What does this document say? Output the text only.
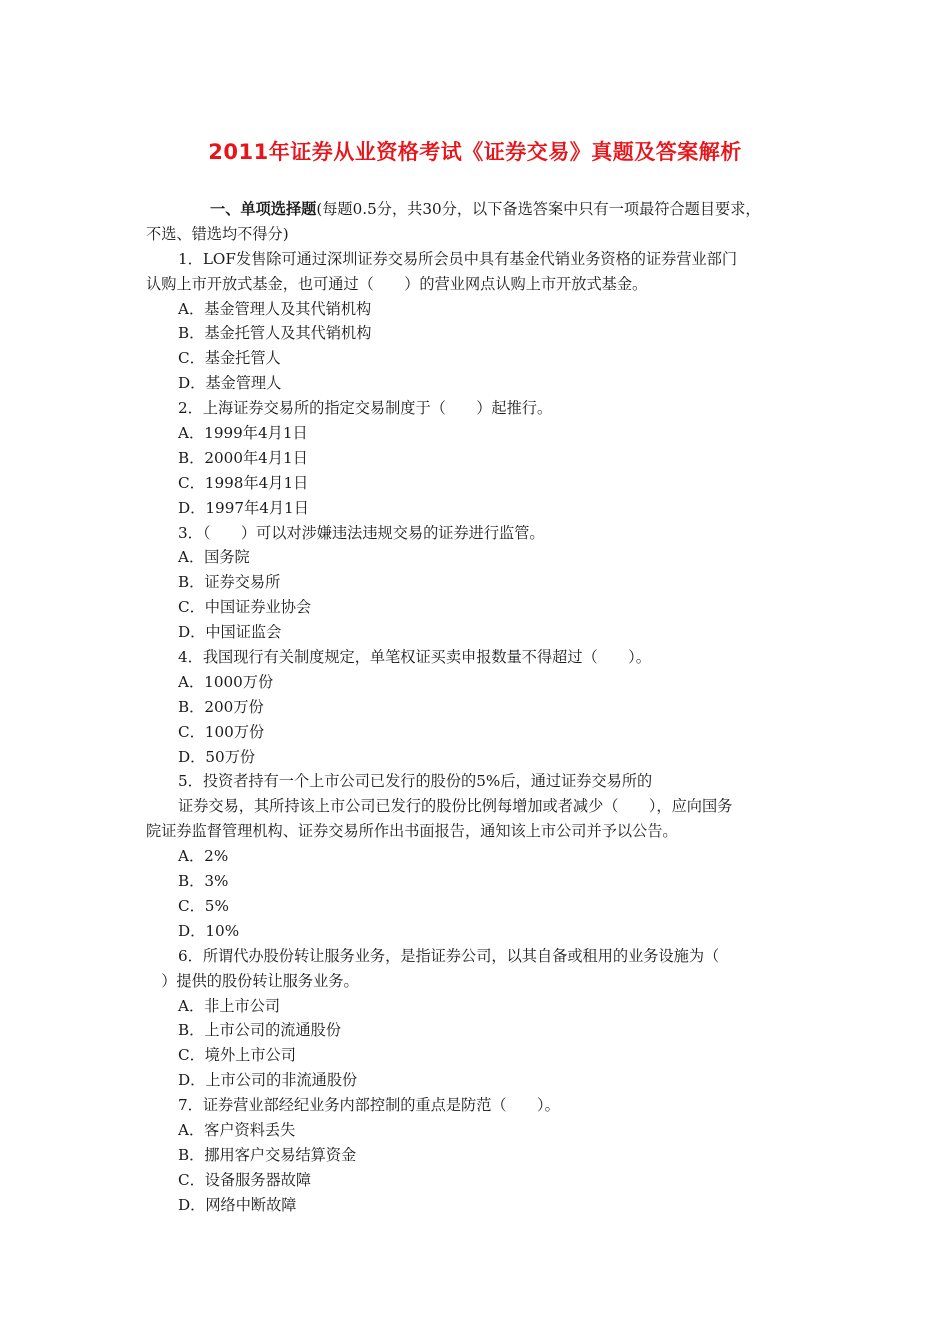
2011年证券从业资格考试《证券交易》真题及答案解析
一、单项选择题(每题0.5分，共30分，以下备选答案中只有一项最符合题目要求，
不选、错选均不得分)
1．LOF发售除可通过深圳证券交易所会员中具有基金代销业务资格的证券营业部门
认购上市开放式基金，也可通过（　　）的营业网点认购上市开放式基金。
A．基金管理人及其代销机构
B．基金托管人及其代销机构
C．基金托管人
D．基金管理人
2．上海证券交易所的指定交易制度于（　　）起推行。
A．1999年4月1日
B．2000年4月1日
C．1998年4月1日
D．1997年4月1日
3．（　　）可以对涉嫌违法违规交易的证券进行监管。
A．国务院
B．证券交易所
C．中国证券业协会
D．中国证监会
4．我国现行有关制度规定，单笔权证买卖申报数量不得超过（　　）。
A．1000万份
B．200万份
C．100万份
D．50万份
5．投资者持有一个上市公司已发行的股份的5%后，通过证券交易所的
证券交易，其所持该上市公司已发行的股份比例每增加或者减少（　　），应向国务
院证券监督管理机构、证券交易所作出书面报告，通知该上市公司并予以公告。
A．2%
B．3%
C．5%
D．10%
6．所谓代办股份转让服务业务，是指证券公司，以其自备或租用的业务设施为（
　）提供的股份转让服务业务。
A．非上市公司
B．上市公司的流通股份
C．境外上市公司
D．上市公司的非流通股份
7．证券营业部经纪业务内部控制的重点是防范（　　）。
A．客户资料丢失
B．挪用客户交易结算资金
C．设备服务器故障
D．网络中断故障
